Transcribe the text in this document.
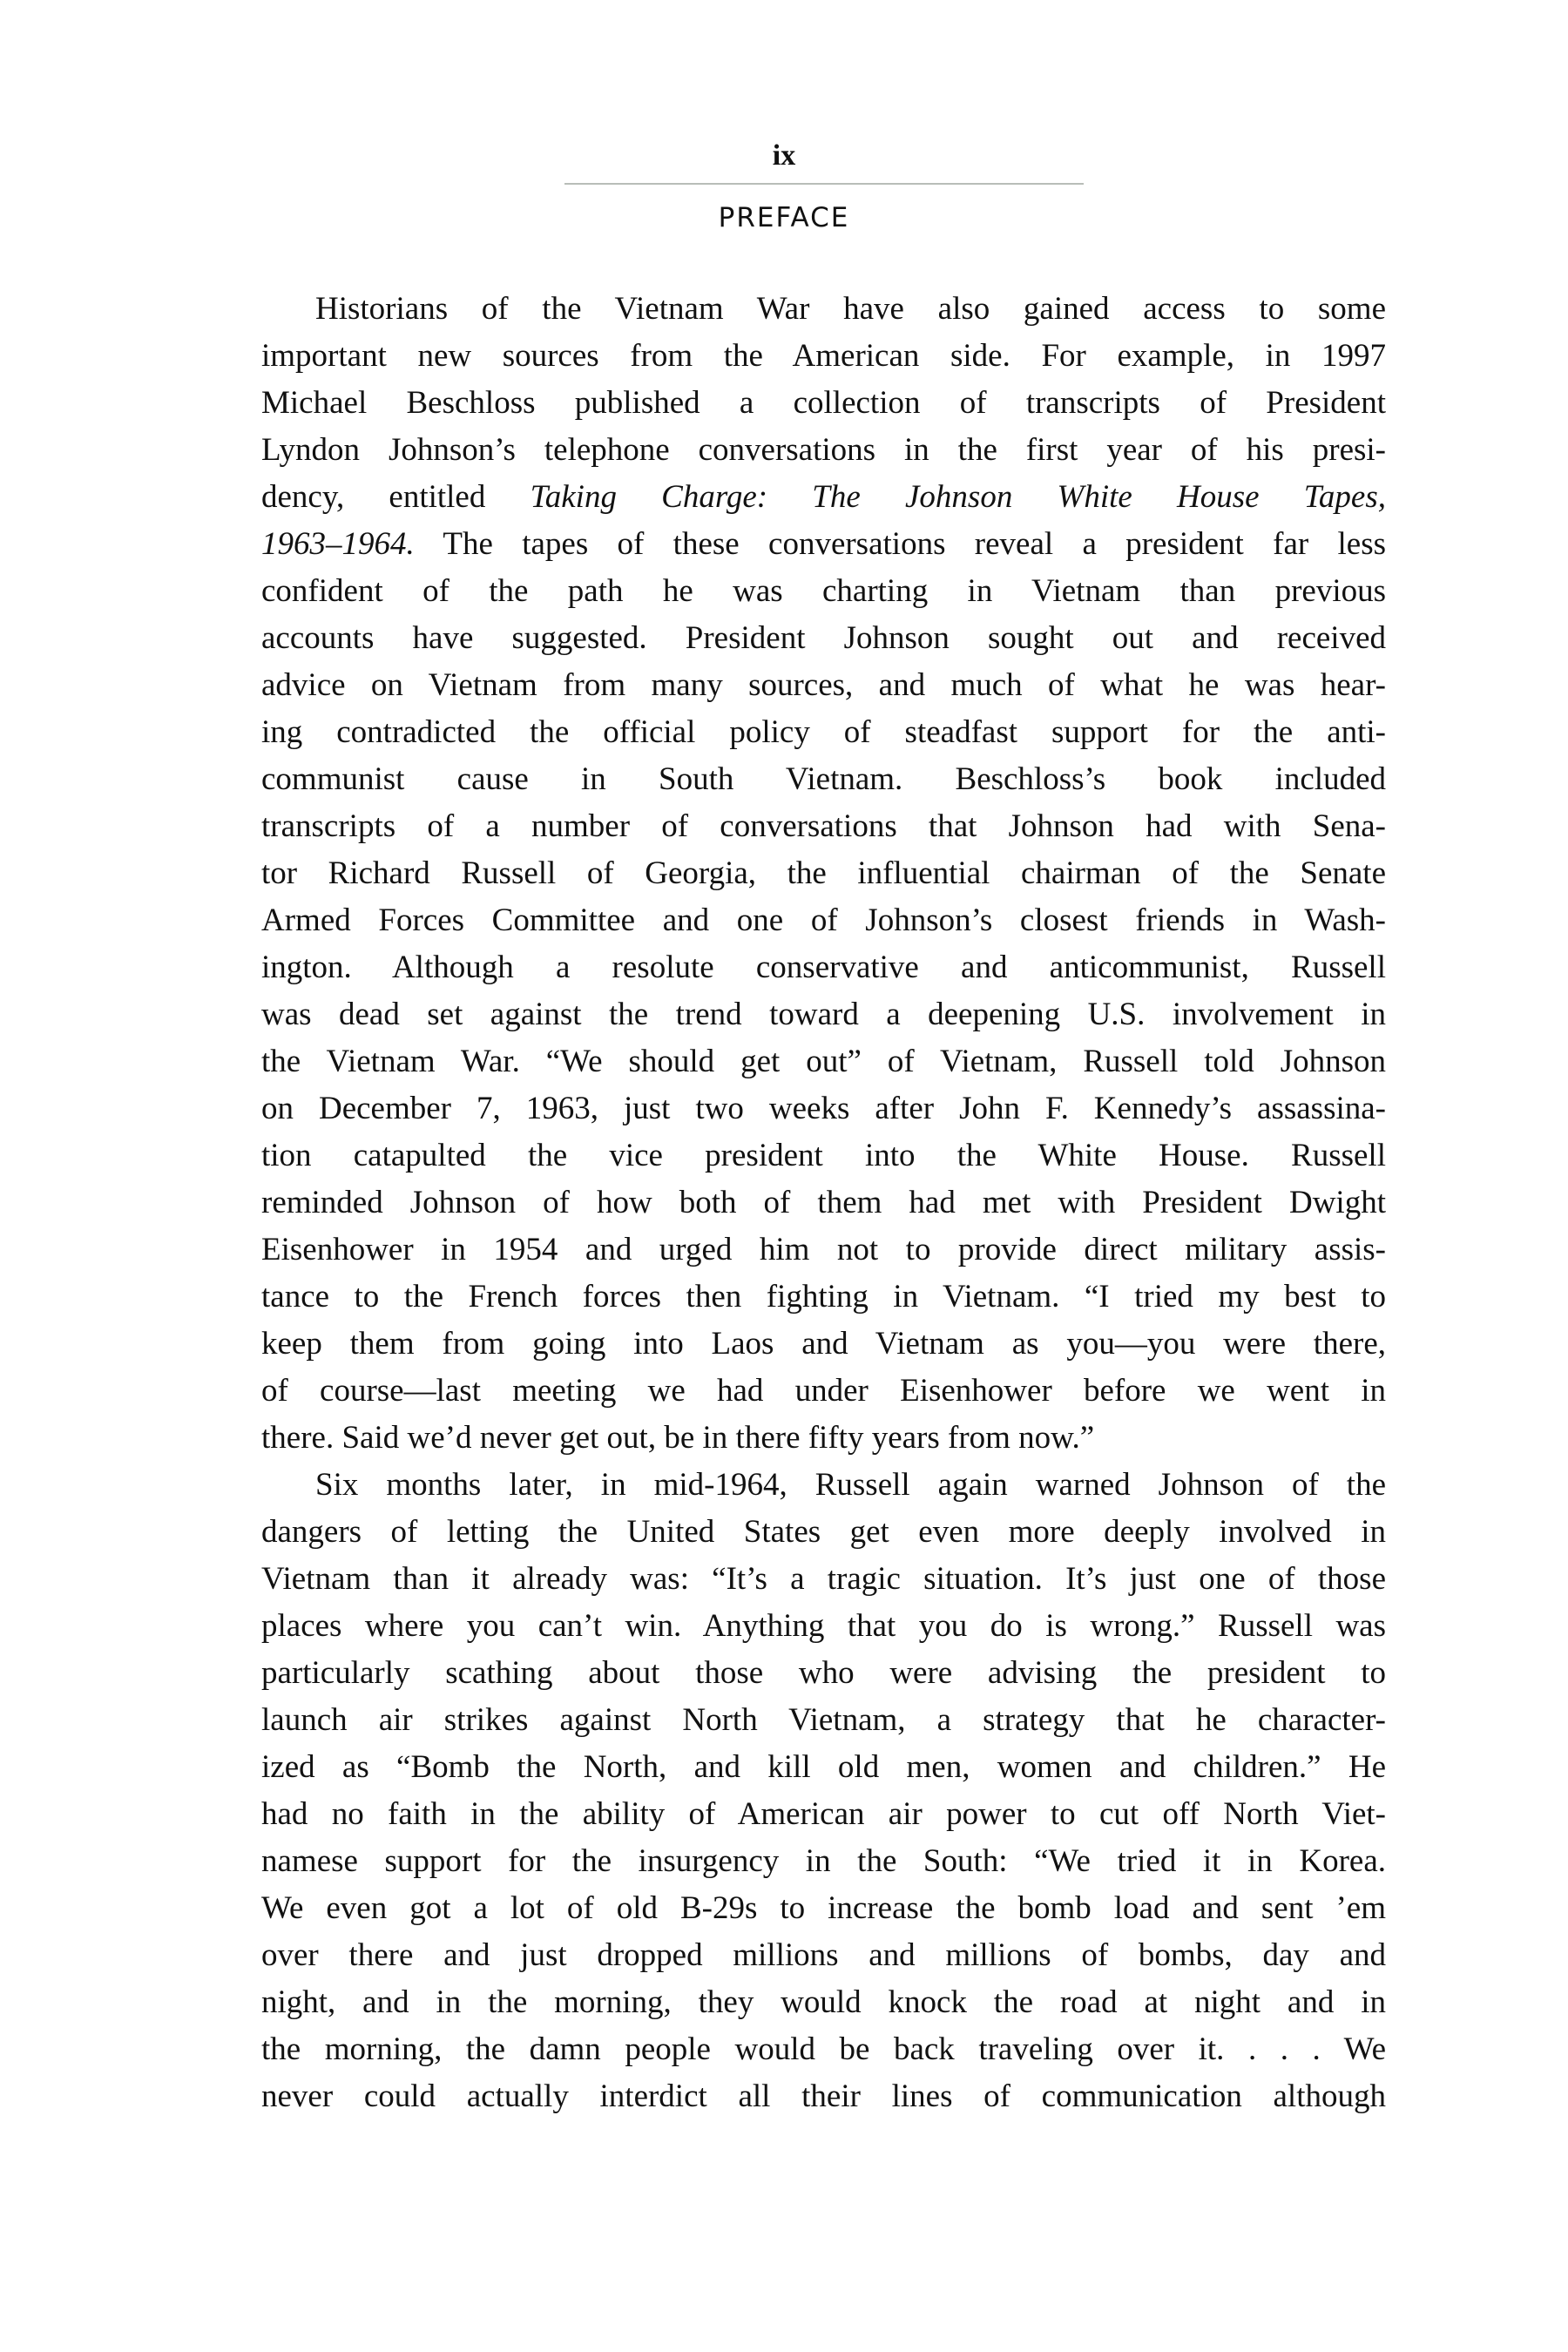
ix
PREFACE
Historians of the Vietnam War have also gained access to some
important new sources from the American side. For example, in 1997
Michael Beschloss published a collection of transcripts of President
Lyndon Johnson’s telephone conversations in the first year of his presi-
dency, entitled Taking Charge: The Johnson White House Tapes,
1963–1964. The tapes of these conversations reveal a president far less
confident of the path he was charting in Vietnam than previous
accounts have suggested. President Johnson sought out and received
advice on Vietnam from many sources, and much of what he was hear-
ing contradicted the official policy of steadfast support for the anti-
communist cause in South Vietnam. Beschloss’s book included
transcripts of a number of conversations that Johnson had with Sena-
tor Richard Russell of Georgia, the influential chairman of the Senate
Armed Forces Committee and one of Johnson’s closest friends in Wash-
ington. Although a resolute conservative and anticommunist, Russell
was dead set against the trend toward a deepening U.S. involvement in
the Vietnam War. “We should get out” of Vietnam, Russell told Johnson
on December 7, 1963, just two weeks after John F. Kennedy’s assassina-
tion catapulted the vice president into the White House. Russell
reminded Johnson of how both of them had met with President Dwight
Eisenhower in 1954 and urged him not to provide direct military assis-
tance to the French forces then fighting in Vietnam. “I tried my best to
keep them from going into Laos and Vietnam as you—you were there,
of course—last meeting we had under Eisenhower before we went in
there. Said we’d never get out, be in there fifty years from now.”
Six months later, in mid-1964, Russell again warned Johnson of the
dangers of letting the United States get even more deeply involved in
Vietnam than it already was: “It’s a tragic situation. It’s just one of those
places where you can’t win. Anything that you do is wrong.” Russell was
particularly scathing about those who were advising the president to
launch air strikes against North Vietnam, a strategy that he character-
ized as “Bomb the North, and kill old men, women and children.” He
had no faith in the ability of American air power to cut off North Viet-
namese support for the insurgency in the South: “We tried it in Korea.
We even got a lot of old B-29s to increase the bomb load and sent ’em
over there and just dropped millions and millions of bombs, day and
night, and in the morning, they would knock the road at night and in
the morning, the damn people would be back traveling over it. . . . We
never could actually interdict all their lines of communication although
